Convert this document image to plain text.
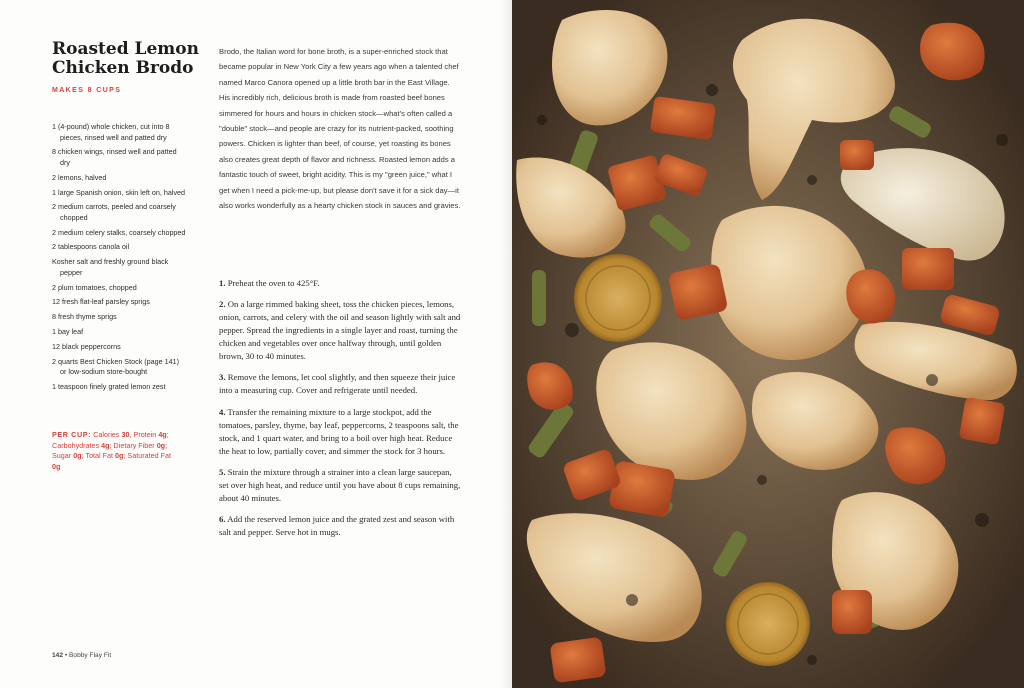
Roasted Lemon Chicken Brodo
MAKES 8 CUPS
1 (4-pound) whole chicken, cut into 8 pieces, rinsed well and patted dry
8 chicken wings, rinsed well and patted dry
2 lemons, halved
1 large Spanish onion, skin left on, halved
2 medium carrots, peeled and coarsely chopped
2 medium celery stalks, coarsely chopped
2 tablespoons canola oil
Kosher salt and freshly ground black pepper
2 plum tomatoes, chopped
12 fresh flat-leaf parsley sprigs
8 fresh thyme sprigs
1 bay leaf
12 black peppercorns
2 quarts Best Chicken Stock (page 141) or low-sodium store-bought
1 teaspoon finely grated lemon zest
PER CUP: Calories 30, Protein 4g; Carbohydrates 4g; Dietary Fiber 0g; Sugar 0g; Total Fat 0g; Saturated Fat 0g

Brodo, the Italian word for bone broth, is a super-enriched stock that became popular in New York City a few years ago when a talented chef named Marco Canora opened up a little broth bar in the East Village. His incredibly rich, delicious broth is made from roasted beef bones simmered for hours and hours in chicken stock—what's often called a "double" stock—and people are crazy for its nutrient-packed, soothing powers. Chicken is lighter than beef, of course, yet roasting its bones also creates great depth of flavor and richness. Roasted lemon adds a fantastic touch of sweet, bright acidity. This is my "green juice," what I get when I need a pick-me-up, but please don't save it for a sick day—it also works wonderfully as a hearty chicken stock in sauces and gravies.

1. Preheat the oven to 425°F.

2. On a large rimmed baking sheet, toss the chicken pieces, lemons, onion, carrots, and celery with the oil and season lightly with salt and pepper. Spread the ingredients in a single layer and roast, turning the chicken and vegetables over once halfway through, until golden brown, 30 to 40 minutes.

3. Remove the lemons, let cool slightly, and then squeeze their juice into a measuring cup. Cover and refrigerate until needed.

4. Transfer the remaining mixture to a large stockpot, add the tomatoes, parsley, thyme, bay leaf, peppercorns, 2 teaspoons salt, the stock, and 1 quart water, and bring to a boil over high heat. Reduce the heat to low, partially cover, and simmer the stock for 3 hours.

5. Strain the mixture through a strainer into a clean large saucepan, set over high heat, and reduce until you have about 8 cups remaining, about 40 minutes.

6. Add the reserved lemon juice and the grated zest and season with salt and pepper. Serve hot in mugs.

142 • Bobby Flay Fit
